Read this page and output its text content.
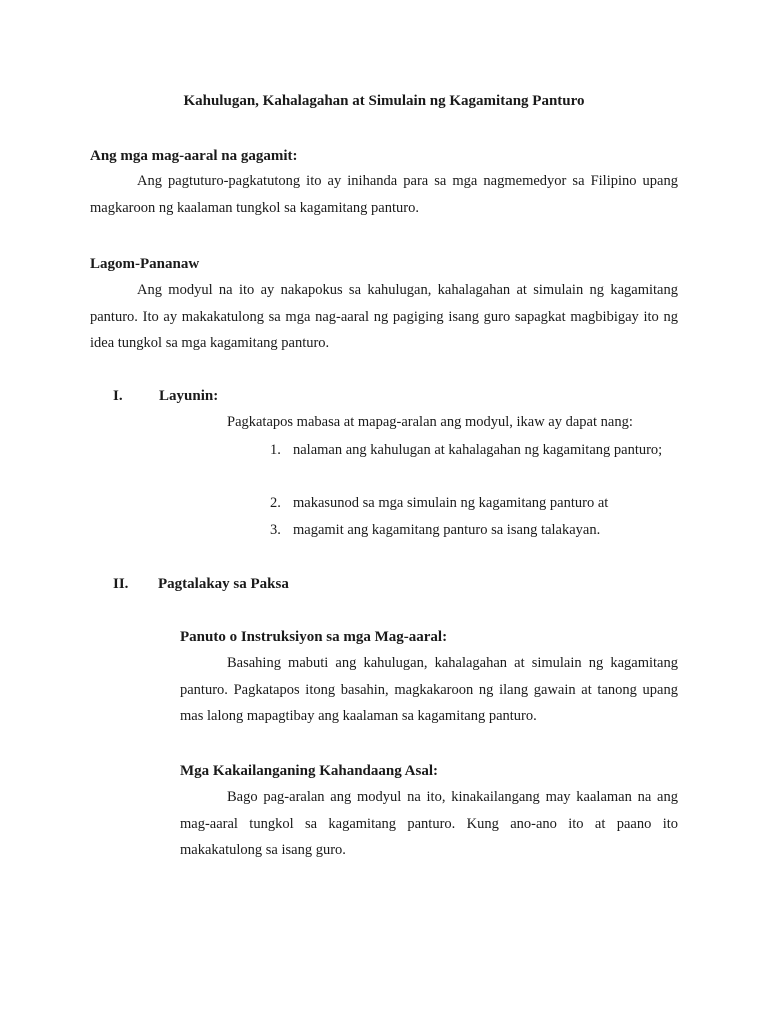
Kahulugan, Kahalagahan at Simulain ng Kagamitang Panturo
Ang mga mag-aaral na gagamit:

Ang pagtuturo-pagkatutong ito ay inihanda para sa mga nagmemedyor sa Filipino upang magkaroon ng kaalaman tungkol sa kagamitang panturo.

Lagom-Pananaw

Ang modyul na ito ay nakapokus sa kahulugan, kahalagahan at simulain ng kagamitang panturo. Ito ay makakatulong sa mga nag-aaral ng pagiging isang guro sapagkat magbibigay ito ng idea tungkol sa mga kagamitang panturo.

I. Layunin:
Pagkatapos mabasa at mapag-aralan ang modyul, ikaw ay dapat nang:
1. nalaman ang kahulugan at kahalagahan ng kagamitang panturo;
2. makasunod sa mga simulain ng kagamitang panturo at
3. magamit ang kagamitang panturo sa isang talakayan.
II. Pagtalakay sa Paksa
Panuto o Instruksiyon sa mga Mag-aaral:

Basahing mabuti ang kahulugan, kahalagahan at simulain ng kagamitang panturo. Pagkatapos itong basahin, magkakaroon ng ilang gawain at tanong upang mas lalong mapagtibay ang kaalaman sa kagamitang panturo.

Mga Kakailanganing Kahandaang Asal:

Bago pag-aralan ang modyul na ito, kinakailangang may kaalaman na ang mag-aaral tungkol sa kagamitang panturo. Kung ano-ano ito at paano ito makakatulong sa isang guro.
